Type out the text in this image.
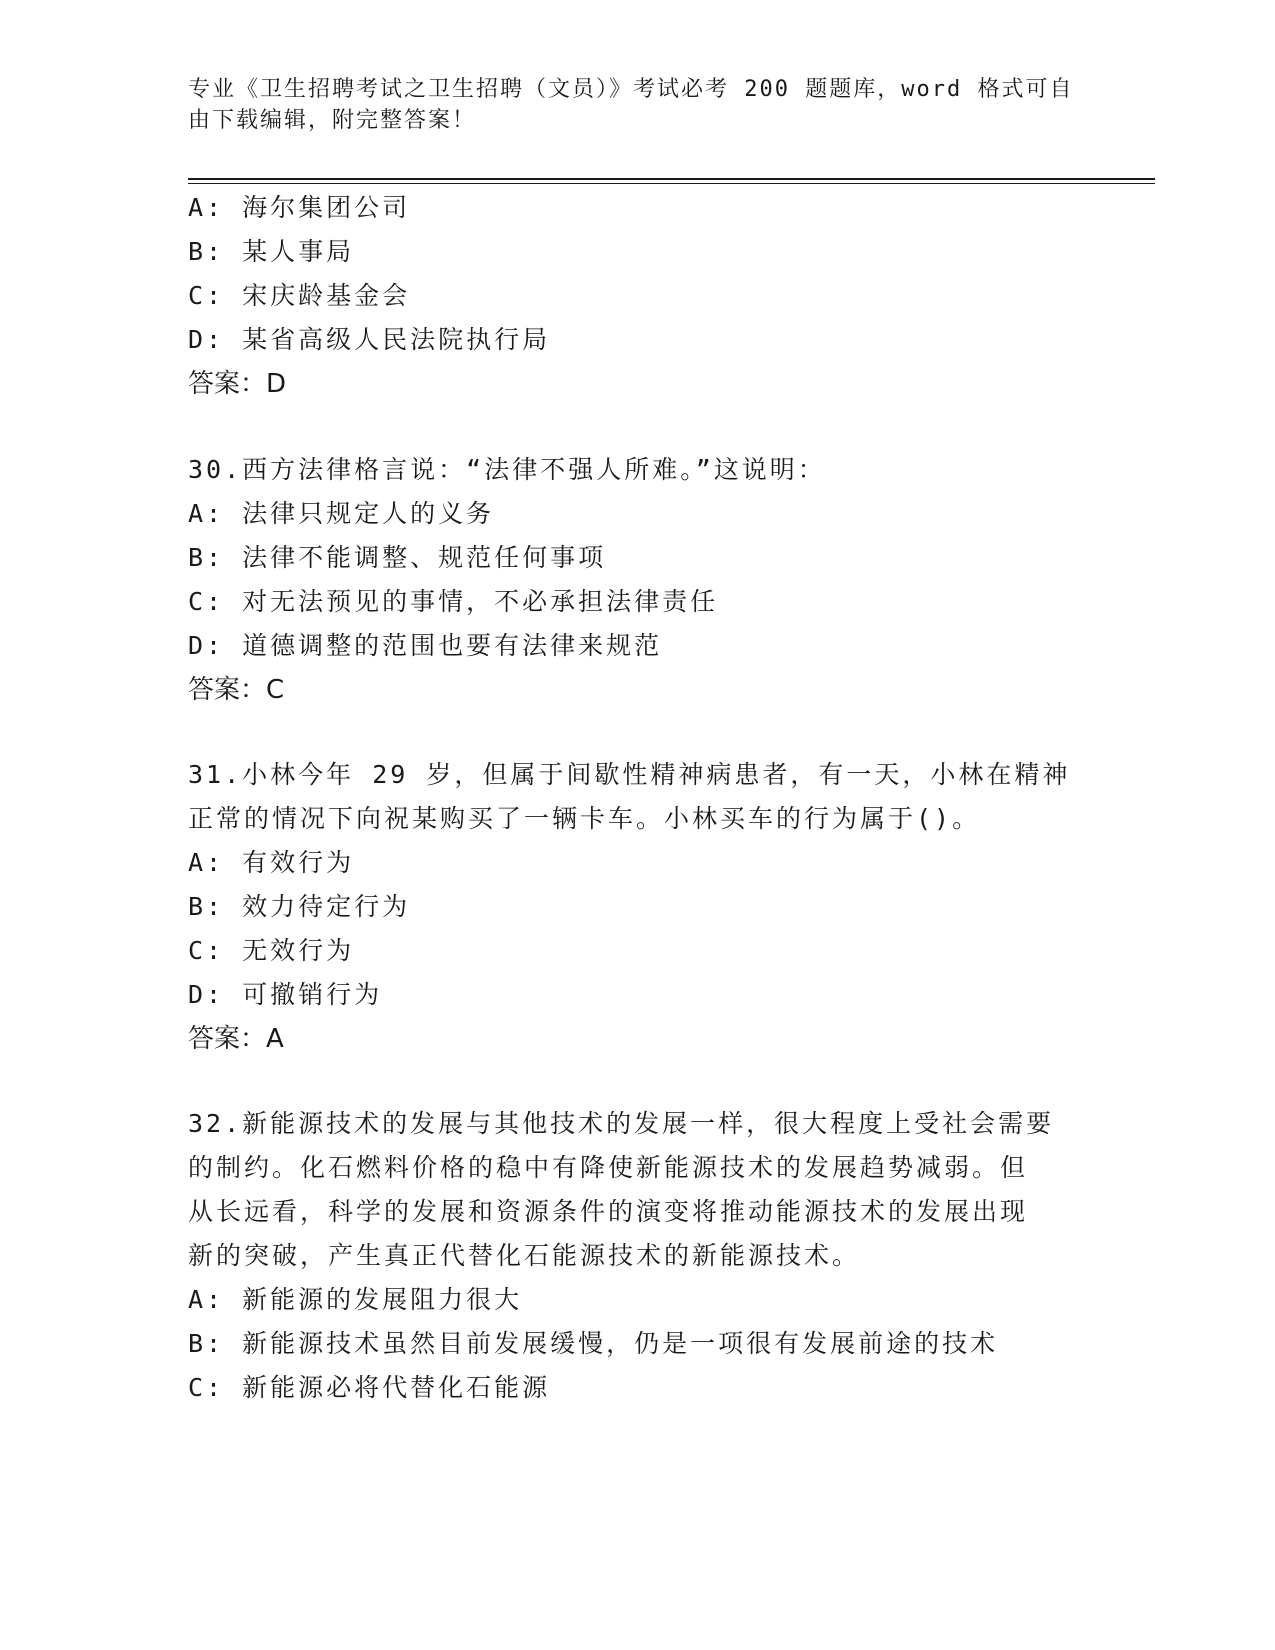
专业《卫生招聘考试之卫生招聘（文员）》考试必考 200 题题库，word 格式可自
由下载编辑，附完整答案！
A: 海尔集团公司
B: 某人事局
C: 宋庆龄基金会
D: 某省高级人民法院执行局
答案：D
30.西方法律格言说：“法律不强人所难。”这说明：
A: 法律只规定人的义务
B: 法律不能调整、规范任何事项
C: 对无法预见的事情，不必承担法律责任
D: 道德调整的范围也要有法律来规范
答案：C
31.小林今年 29 岁，但属于间歇性精神病患者，有一天，小林在精神
正常的情况下向祝某购买了一辆卡车。小林买车的行为属于()。
A: 有效行为
B: 效力待定行为
C: 无效行为
D: 可撤销行为
答案：A
32.新能源技术的发展与其他技术的发展一样，很大程度上受社会需要
的制约。化石燃料价格的稳中有降使新能源技术的发展趋势减弱。但
从长远看，科学的发展和资源条件的演变将推动能源技术的发展出现
新的突破，产生真正代替化石能源技术的新能源技术。
A: 新能源的发展阻力很大
B: 新能源技术虽然目前发展缓慢，仍是一项很有发展前途的技术
C: 新能源必将代替化石能源
